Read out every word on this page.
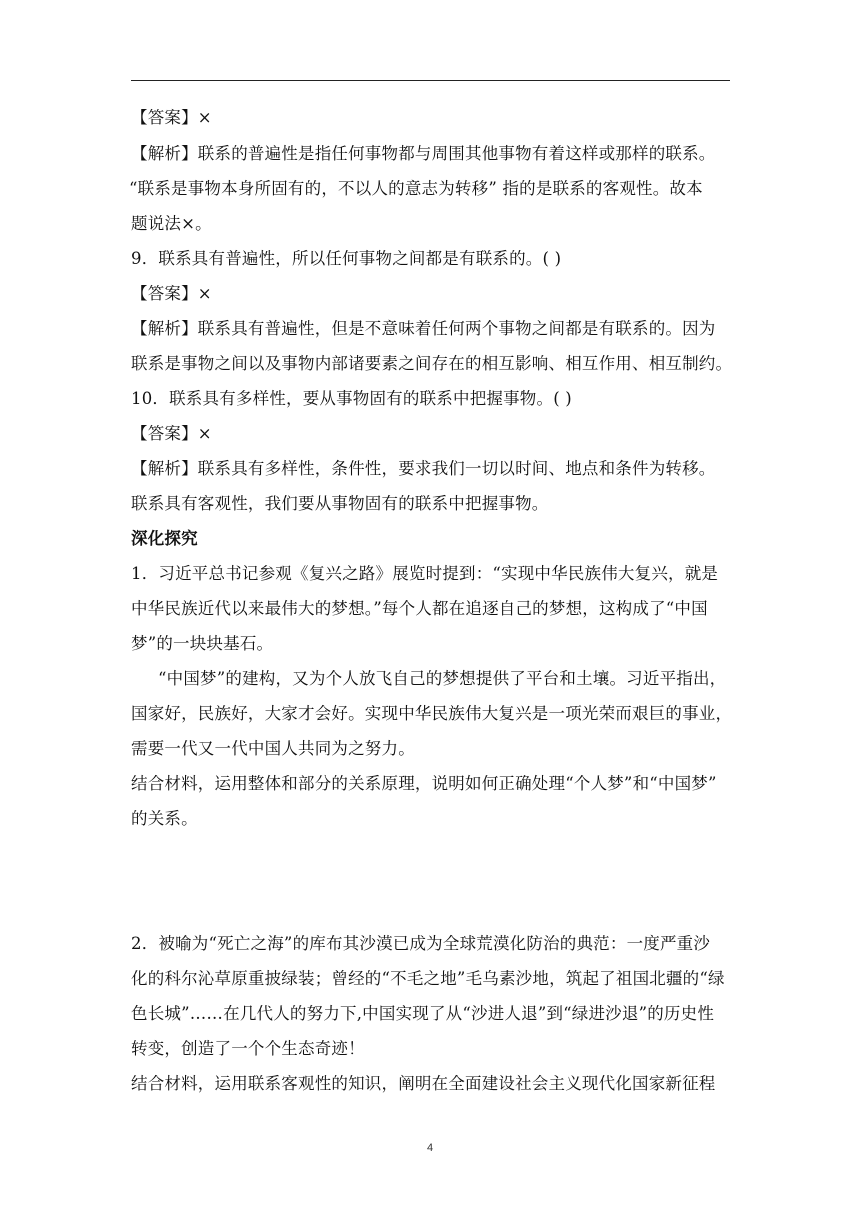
【答案】×
【解析】联系的普遍性是指任何事物都与周围其他事物有着这样或那样的联系。
“联系是事物本身所固有的，不以人的意志为转移” 指的是联系的客观性。故本
题说法×。
9．联系具有普遍性，所以任何事物之间都是有联系的。( )
【答案】×
【解析】联系具有普遍性，但是不意味着任何两个事物之间都是有联系的。因为
联系是事物之间以及事物内部诸要素之间存在的相互影响、相互作用、相互制约。
10．联系具有多样性，要从事物固有的联系中把握事物。( )
【答案】×
【解析】联系具有多样性，条件性，要求我们一切以时间、地点和条件为转移。
联系具有客观性，我们要从事物固有的联系中把握事物。
深化探究
1．习近平总书记参观《复兴之路》展览时提到：“实现中华民族伟大复兴，就是
中华民族近代以来最伟大的梦想。”每个人都在追逐自己的梦想，这构成了“中国
梦”的一块块基石。
“中国梦”的建构，又为个人放飞自己的梦想提供了平台和土壤。习近平指出，
国家好，民族好，大家才会好。实现中华民族伟大复兴是一项光荣而艰巨的事业，
需要一代又一代中国人共同为之努力。
结合材料，运用整体和部分的关系原理，说明如何正确处理“个人梦”和“中国梦”
的关系。
2．被喻为“死亡之海”的库布其沙漠已成为全球荒漠化防治的典范：一度严重沙
化的科尔沁草原重披绿装；曾经的“不毛之地”毛乌素沙地，筑起了祖国北疆的“绿
色长城”……在几代人的努力下,中国实现了从“沙进人退”到“绿进沙退”的历史性
转变，创造了一个个生态奇迹！
结合材料，运用联系客观性的知识，阐明在全面建设社会主义现代化国家新征程
4
